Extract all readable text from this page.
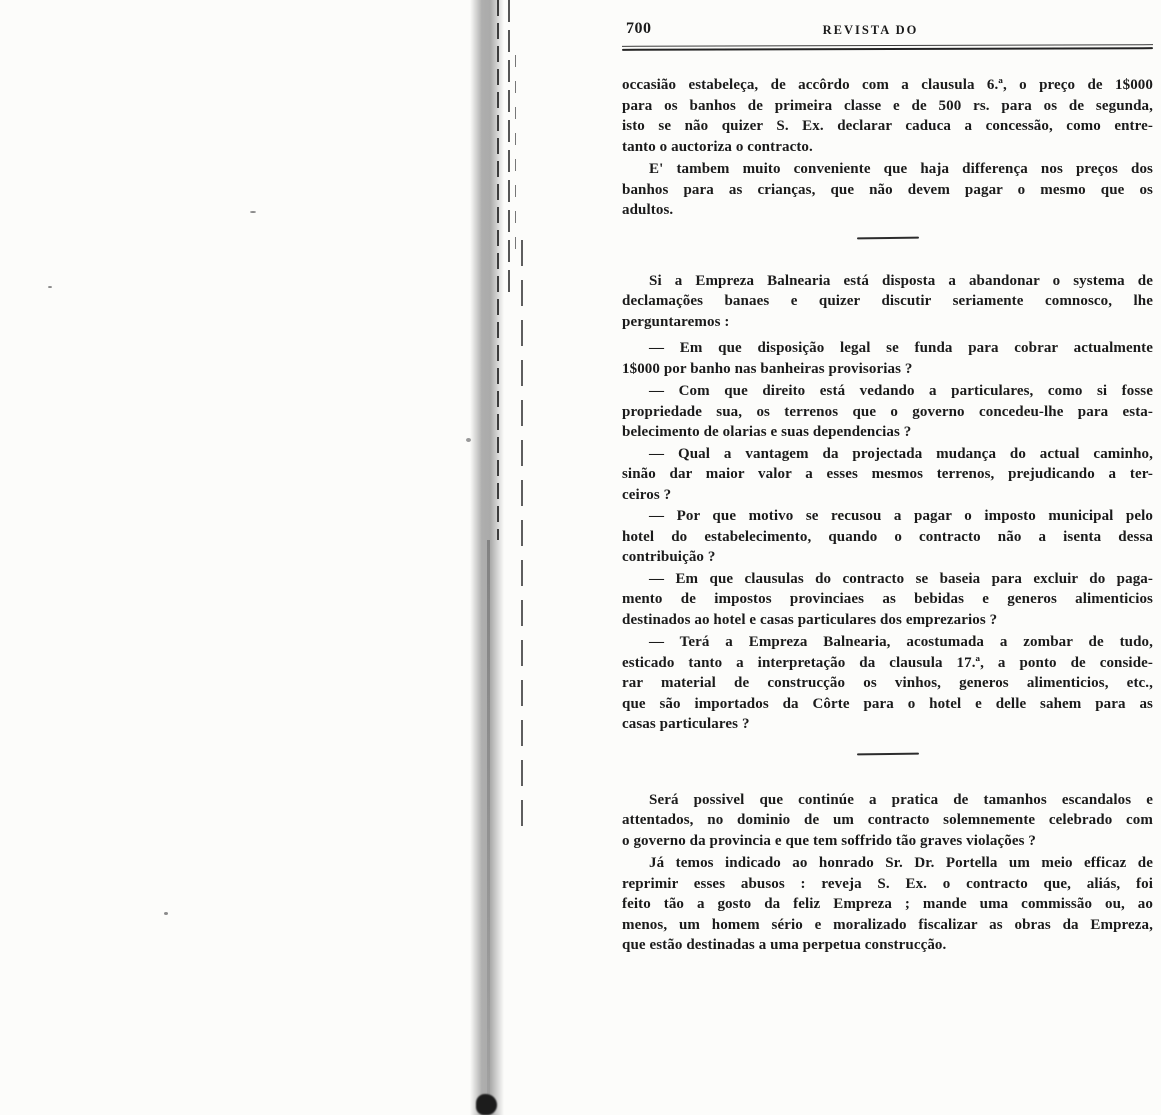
700	REVISTA DO
occasião estabeleça, de accôrdo com a clausula 6.ª, o preço de 1$000
para os banhos de primeira classe e de 500 rs. para os de segunda,
isto se não quizer S. Ex. declarar caduca a concessão, como entre-
tanto o auctoriza o contracto.
E' tambem muito conveniente que haja differença nos preços dos
banhos para as crianças, que não devem pagar o mesmo que os
adultos.
Si a Empreza Balnearia está disposta a abandonar o systema de
declamações banaes e quizer discutir seriamente comnosco, lhe
perguntaremos :
— Em que disposição legal se funda para cobrar actualmente
1$000 por banho nas banheiras provisorias ?
— Com que direito está vedando a particulares, como si fosse
propriedade sua, os terrenos que o governo concedeu-lhe para esta-
belecimento de olarias e suas dependencias ?
— Qual a vantagem da projectada mudança do actual caminho,
sinão dar maior valor a esses mesmos terrenos, prejudicando a ter-
ceiros ?
— Por que motivo se recusou a pagar o imposto municipal pelo
hotel do estabelecimento, quando o contracto não a isenta dessa
contribuição ?
— Em que clausulas do contracto se baseia para excluir do paga-
mento de impostos provinciaes as bebidas e generos alimenticios
destinados ao hotel e casas particulares dos emprezarios ?
— Terá a Empreza Balnearia, acostumada a zombar de tudo,
esticado tanto a interpretação da clausula 17.ª, a ponto de conside-
rar material de construcção os vinhos, generos alimenticios, etc.,
que são importados da Côrte para o hotel e delle sahem para as
casas particulares ?
Será possivel que continúe a pratica de tamanhos escandalos e
attentados, no dominio de um contracto solemnemente celebrado com
o governo da provincia e que tem soffrido tão graves violações ?
Já temos indicado ao honrado Sr. Dr. Portella um meio efficaz de
reprimir esses abusos : reveja S. Ex. o contracto que, aliás, foi
feito tão a gosto da feliz Empreza ; mande uma commissão ou, ao
menos, um homem sério e moralizado fiscalizar as obras da Empreza,
que estão destinadas a uma perpetua construcção.
